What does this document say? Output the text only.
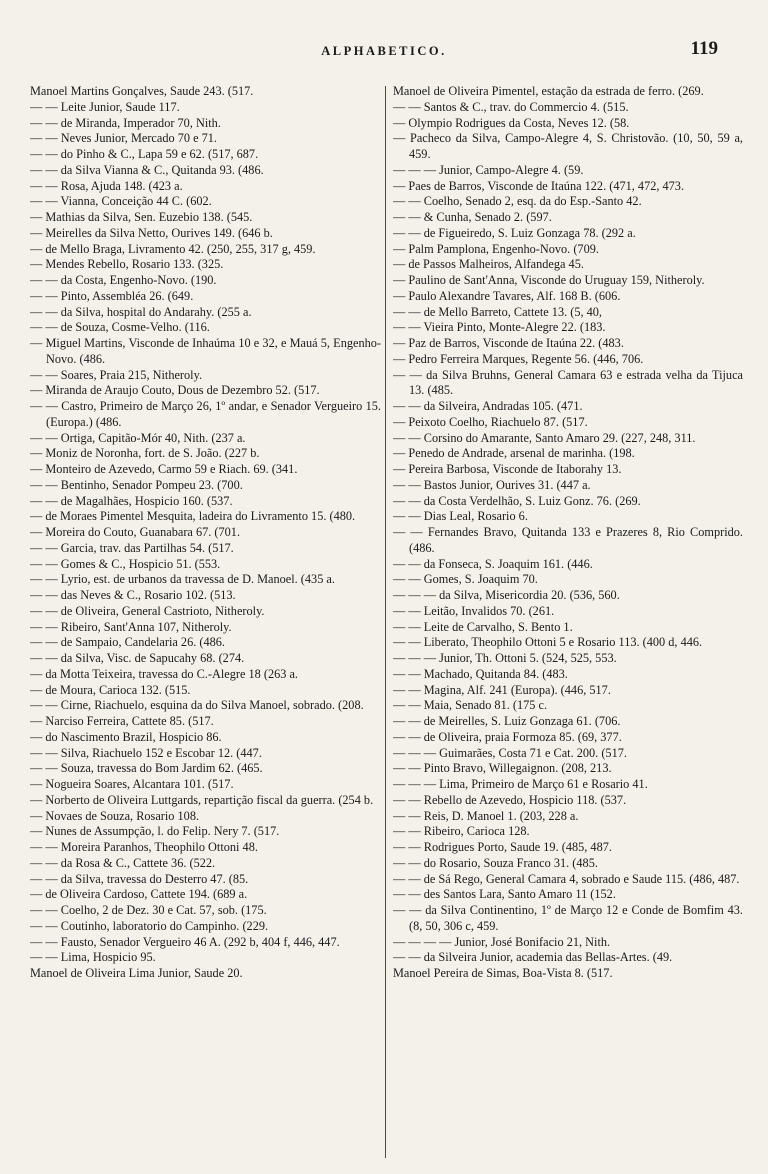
ALPHABETICO.	119

Manoel Martins Gonçalves, Saude 243. (517.

— — Leite Junior, Saude 117.

— — de Miranda, Imperador 70, Nith.

— — Neves Junior, Mercado 70 e 71.

— — do Pinho & C., Lapa 59 e 62. (517, 687.

— — da Silva Vianna & C., Quitanda 93. (486.

— — Rosa, Ajuda 148. (423 a.

— — Vianna, Conceição 44 C. (602.

— Mathias da Silva, Sen. Euzebio 138. (545.

— Meirelles da Silva Netto, Ourives 149. (646 b.

— de Mello Braga, Livramento 42. (250, 255, 317 g, 459.

— Mendes Rebello, Rosario 133. (325.

— — da Costa, Engenho-Novo. (190.

— — Pinto, Assembléa 26. (649.

— — da Silva, hospital do Andarahy. (255 a.

— — de Souza, Cosme-Velho. (116.

— Miguel Martins, Visconde de Inhaúma 10 e 32, e Mauá 5, Engenho-Novo. (486.

— — Soares, Praia 215, Nitheroly.

— Miranda de Araujo Couto, Dous de Dezembro 52. (517.

— — Castro, Primeiro de Março 26, 1º andar, e Senador Vergueiro 15. (Europa.) (486.

— — Ortiga, Capitão-Mór 40, Nith. (237 a.

— Moniz de Noronha, fort. de S. João. (227 b.

— Monteiro de Azevedo, Carmo 59 e Riach. 69. (341.

— — Bentinho, Senador Pompeu 23. (700.

— — de Magalhães, Hospicio 160. (537.

— de Moraes Pimentel Mesquita, ladeira do Livramento 15. (480.

— Moreira do Couto, Guanabara 67. (701.

— — Garcia, trav. das Partilhas 54. (517.

— — Gomes & C., Hospicio 51. (553.

— — Lyrio, est. de urbanos da travessa de D. Manoel. (435 a.

— — das Neves & C., Rosario 102. (513.

— — de Oliveira, General Castrioto, Nitheroly.

— — Ribeiro, Sant'Anna 107, Nitheroly.

— — de Sampaio, Candelaria 26. (486.

— — da Silva, Visc. de Sapucahy 68. (274.

— da Motta Teixeira, travessa do C.-Alegre 18 (263 a.

— de Moura, Carioca 132. (515.

— — Cirne, Riachuelo, esquina da do Silva Manoel, sobrado. (208.

— Narciso Ferreira, Cattete 85. (517.

— do Nascimento Brazil, Hospicio 86.

— — Silva, Riachuelo 152 e Escobar 12. (447.

— — Souza, travessa do Bom Jardim 62. (465.

— Nogueira Soares, Alcantara 101. (517.

— Norberto de Oliveira Luttgards, repartição fiscal da guerra. (254 b.

— Novaes de Souza, Rosario 108.

— Nunes de Assumpção, l. do Felip. Nery 7. (517.

— — Moreira Paranhos, Theophilo Ottoni 48.

— — da Rosa & C., Cattete 36. (522.

— — da Silva, travessa do Desterro 47. (85.

— de Oliveira Cardoso, Cattete 194. (689 a.

— — Coelho, 2 de Dez. 30 e Cat. 57, sob. (175.

— — Coutinho, laboratorio do Campinho. (229.

— — Fausto, Senador Vergueiro 46 A. (292 b, 404 f, 446, 447.

— — Lima, Hospicio 95.

Manoel de Oliveira Lima Junior, Saude 20.

Manoel de Oliveira Pimentel, estação da estrada de ferro. (269.

— — Santos & C., trav. do Commercio 4. (515.

— Olympio Rodrigues da Costa, Neves 12. (58.

— Pacheco da Silva, Campo-Alegre 4, S. Christovão. (10, 50, 59 a, 459.

— — — Junior, Campo-Alegre 4. (59.

— Paes de Barros, Visconde de Itaúna 122. (471, 472, 473.

— — Coelho, Senado 2, esq. da do Esp.-Santo 42.

— — & Cunha, Senado 2. (597.

— — de Figueiredo, S. Luiz Gonzaga 78. (292 a.

— Palm Pamplona, Engenho-Novo. (709.

— de Passos Malheiros, Alfandega 45.

— Paulino de Sant'Anna, Visconde do Uruguay 159, Nitheroly.

— Paulo Alexandre Tavares, Alf. 168 B. (606.

— — de Mello Barreto, Cattete 13. (5, 40,

— — Vieira Pinto, Monte-Alegre 22. (183.

— Paz de Barros, Visconde de Itaúna 22. (483.

— Pedro Ferreira Marques, Regente 56. (446, 706.

— — da Silva Bruhns, General Camara 63 e estrada velha da Tijuca 13. (485.

— — da Silveira, Andradas 105. (471.

— Peixoto Coelho, Riachuelo 87. (517.

— — Corsino do Amarante, Santo Amaro 29. (227, 248, 311.

— Penedo de Andrade, arsenal de marinha. (198.

— Pereira Barbosa, Visconde de Itaborahy 13.

— — Bastos Junior, Ourives 31. (447 a.

— — da Costa Verdelhão, S. Luiz Gonz. 76. (269.

— — Dias Leal, Rosario 6.

— — Fernandes Bravo, Quitanda 133 e Prazeres 8, Rio Comprido. (486.

— — da Fonseca, S. Joaquim 161. (446.

— — Gomes, S. Joaquim 70.

— — — da Silva, Misericordia 20. (536, 560.

— — Leitão, Invalidos 70. (261.

— — Leite de Carvalho, S. Bento 1.

— — Liberato, Theophilo Ottoni 5 e Rosario 113. (400 d, 446.

— — — Junior, Th. Ottoni 5. (524, 525, 553.

— — Machado, Quitanda 84. (483.

— — Magina, Alf. 241 (Europa). (446, 517.

— — Maia, Senado 81. (175 c.

— — de Meirelles, S. Luiz Gonzaga 61. (706.

— — de Oliveira, praia Formoza 85. (69, 377.

— — — Guimarães, Costa 71 e Cat. 200. (517.

— — Pinto Bravo, Willegaignon. (208, 213.

— — — Lima, Primeiro de Março 61 e Rosario 41.

— — Rebello de Azevedo, Hospicio 118. (537.

— — Reis, D. Manoel 1. (203, 228 a.

— — Ribeiro, Carioca 128.

— — Rodrigues Porto, Saude 19. (485, 487.

— — do Rosario, Souza Franco 31. (485.

— — de Sá Rego, General Camara 4, sobrado e Saude 115. (486, 487.

— — des Santos Lara, Santo Amaro 11 (152.

— — da Silva Continentino, 1º de Março 12 e Conde de Bomfim 43. (8, 50, 306 c, 459.

— — — — Junior, José Bonifacio 21, Nith.

— — da Silveira Junior, academia das Bellas-Artes. (49.

Manoel Pereira de Simas, Boa-Vista 8. (517.
